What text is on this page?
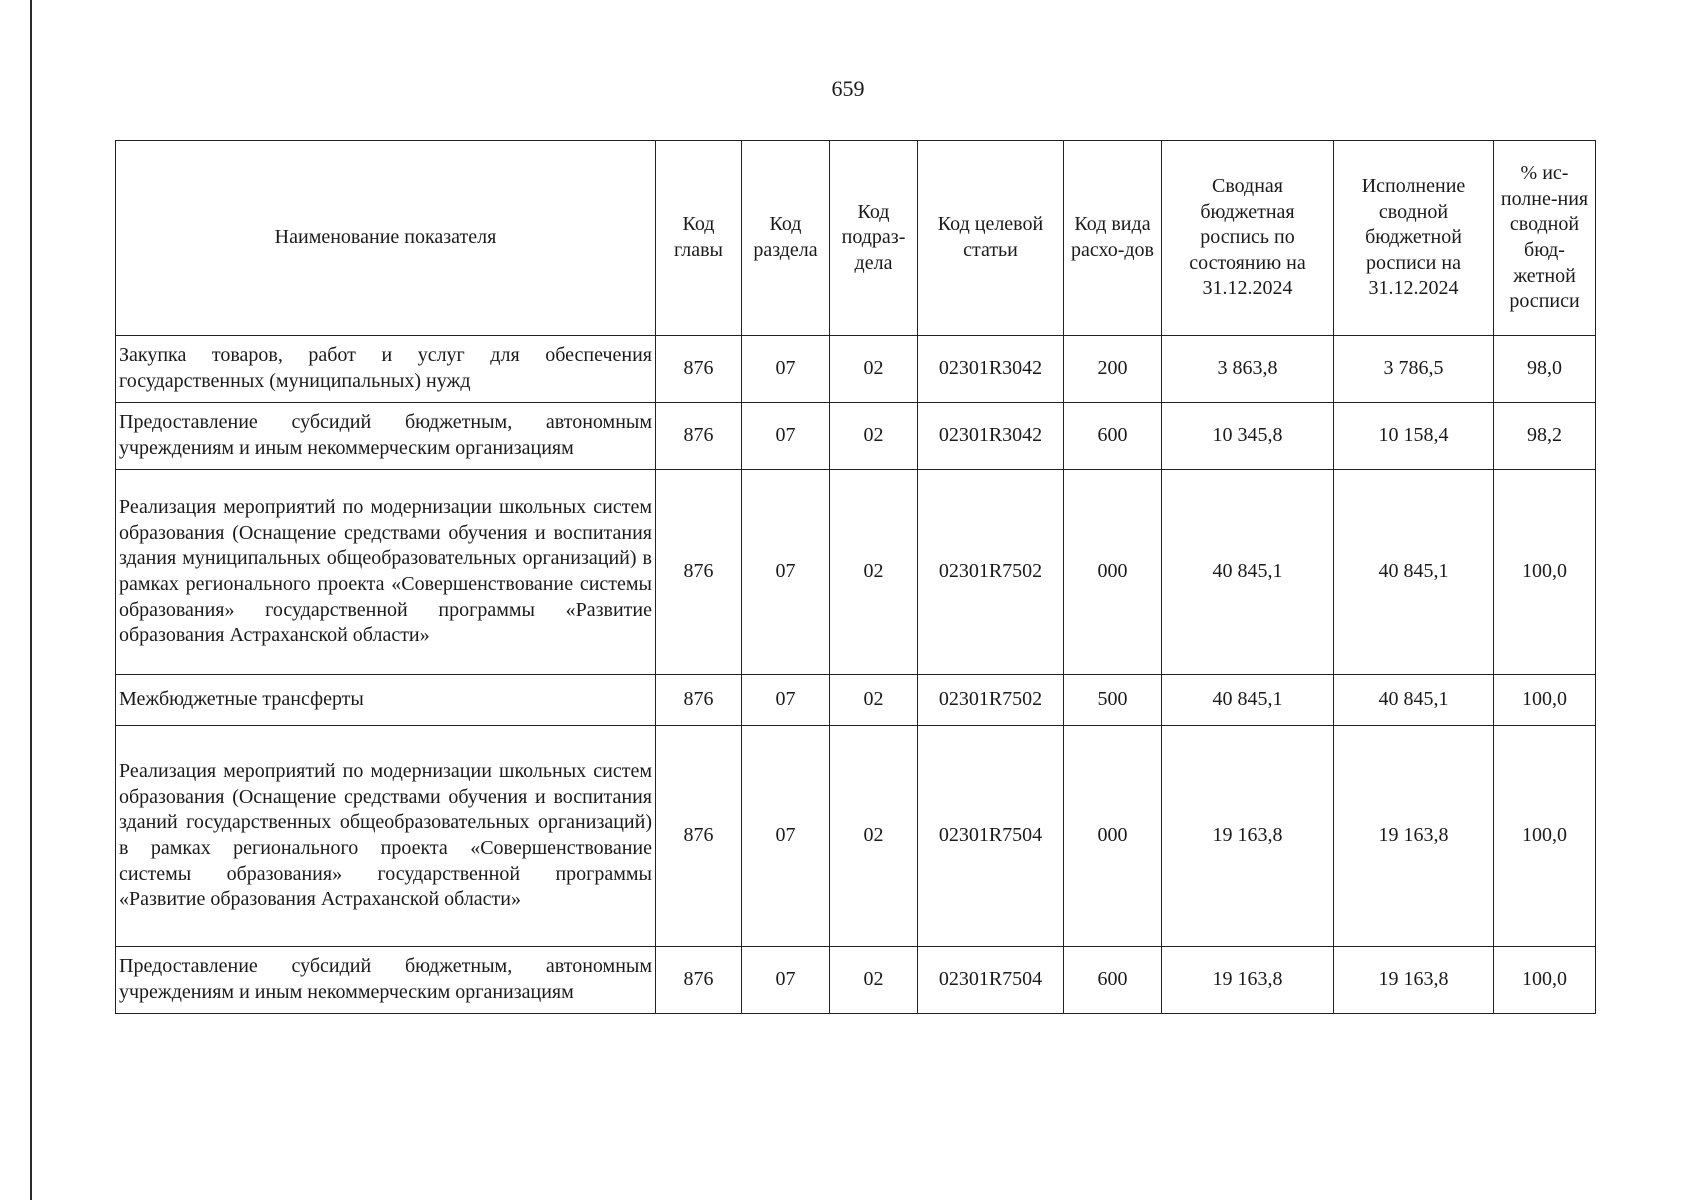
659
Наименование показателя	Код главы	Код раздела	Код подраз-дела	Код целевой статьи	Код вида расхо-дов	Сводная бюджетная роспись по состоянию на 31.12.2024	Исполнение сводной бюджетной росписи на 31.12.2024	% ис-полне-ния сводной бюд-жетной росписи
Закупка товаров, работ и услуг для обеспечения государственных (муниципальных) нужд	876	07	02	02301R3042	200	3 863,8	3 786,5	98,0
Предоставление субсидий бюджетным, автономным учреждениям и иным некоммерческим организациям	876	07	02	02301R3042	600	10 345,8	10 158,4	98,2
Реализация мероприятий по модернизации школьных систем образования (Оснащение средствами обучения и воспитания здания муниципальных общеобразовательных организаций) в рамках регионального проекта «Совершенствование системы образования» государственной программы «Развитие образования Астраханской области»	876	07	02	02301R7502	000	40 845,1	40 845,1	100,0
Межбюджетные трансферты	876	07	02	02301R7502	500	40 845,1	40 845,1	100,0
Реализация мероприятий по модернизации школьных систем образования (Оснащение средствами обучения и воспитания зданий государственных общеобразовательных организаций) в рамках регионального проекта «Совершенствование системы образования» государственной программы «Развитие образования Астраханской области»	876	07	02	02301R7504	000	19 163,8	19 163,8	100,0
Предоставление субсидий бюджетным, автономным учреждениям и иным некоммерческим организациям	876	07	02	02301R7504	600	19 163,8	19 163,8	100,0
